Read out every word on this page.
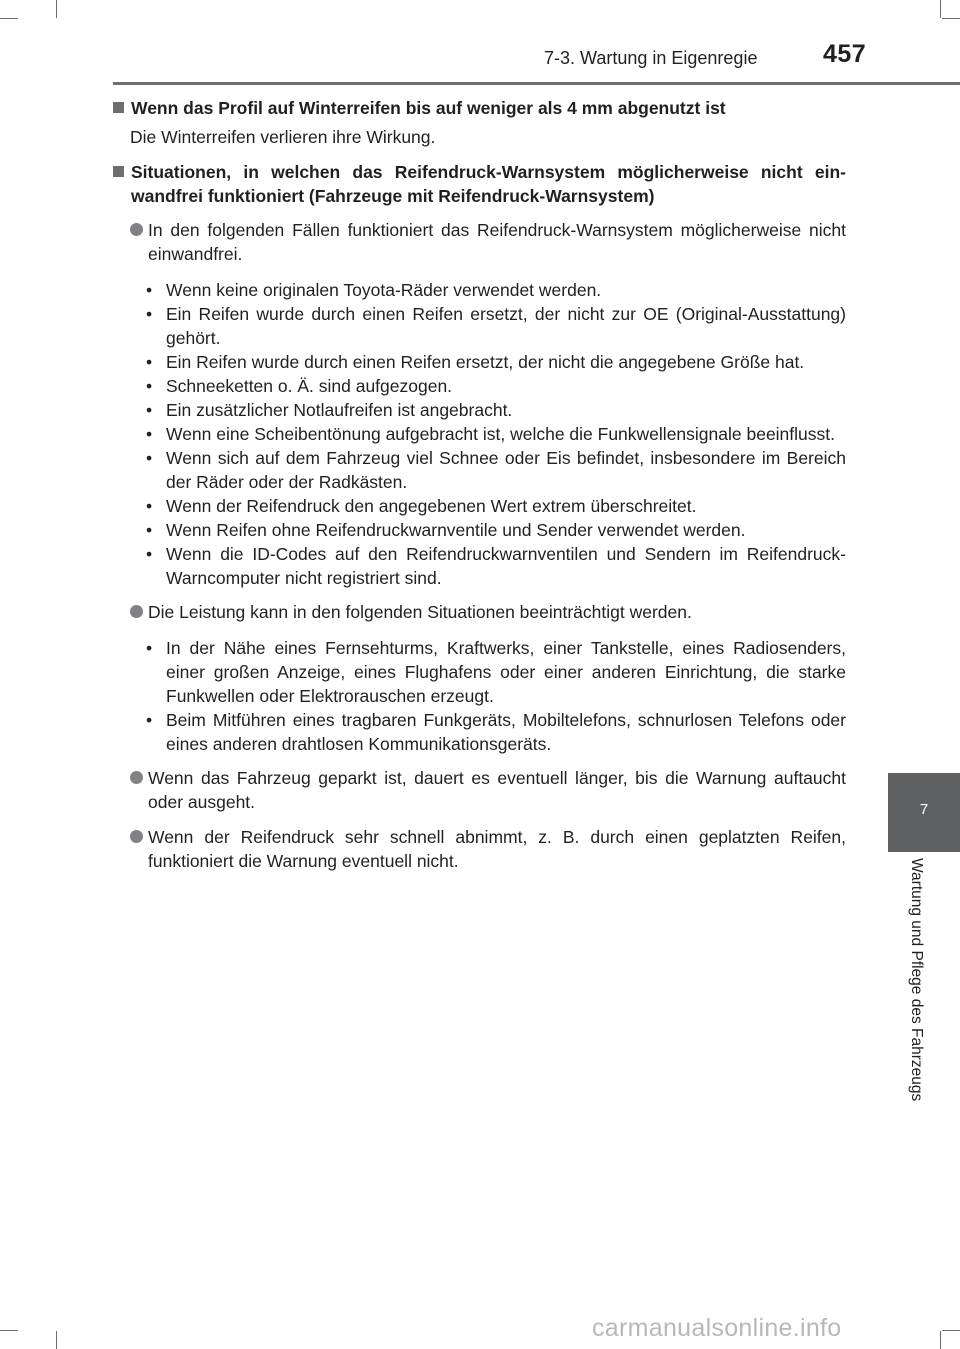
7-3. Wartung in Eigenregie	457
Wenn das Profil auf Winterreifen bis auf weniger als 4 mm abgenutzt ist
Die Winterreifen verlieren ihre Wirkung.
Situationen, in welchen das Reifendruck-Warnsystem möglicherweise nicht einwandfrei funktioniert (Fahrzeuge mit Reifendruck-Warnsystem)
In den folgenden Fällen funktioniert das Reifendruck-Warnsystem möglicherweise nicht einwandfrei.
• Wenn keine originalen Toyota-Räder verwendet werden.
• Ein Reifen wurde durch einen Reifen ersetzt, der nicht zur OE (Original-Ausstattung) gehört.
• Ein Reifen wurde durch einen Reifen ersetzt, der nicht die angegebene Größe hat.
• Schneeketten o. Ä. sind aufgezogen.
• Ein zusätzlicher Notlaufreifen ist angebracht.
• Wenn eine Scheibentönung aufgebracht ist, welche die Funkwellensignale beeinflusst.
• Wenn sich auf dem Fahrzeug viel Schnee oder Eis befindet, insbesondere im Bereich der Räder oder der Radkästen.
• Wenn der Reifendruck den angegebenen Wert extrem überschreitet.
• Wenn Reifen ohne Reifendruckwarnventile und Sender verwendet werden.
• Wenn die ID-Codes auf den Reifendruckwarnventilen und Sendern im Reifendruck-Warncomputer nicht registriert sind.
Die Leistung kann in den folgenden Situationen beeinträchtigt werden.
• In der Nähe eines Fernsehturms, Kraftwerks, einer Tankstelle, eines Radiosenders, einer großen Anzeige, eines Flughafens oder einer anderen Einrichtung, die starke Funkwellen oder Elektrorauschen erzeugt.
• Beim Mitführen eines tragbaren Funkgeräts, Mobiltelefons, schnurlosen Telefons oder eines anderen drahtlosen Kommunikationsgeräts.
Wenn das Fahrzeug geparkt ist, dauert es eventuell länger, bis die Warnung auftaucht oder ausgeht.
Wenn der Reifendruck sehr schnell abnimmt, z. B. durch einen geplatzten Reifen, funktioniert die Warnung eventuell nicht.
7
Wartung und Pflege des Fahrzeugs
carmanualsonline.info
